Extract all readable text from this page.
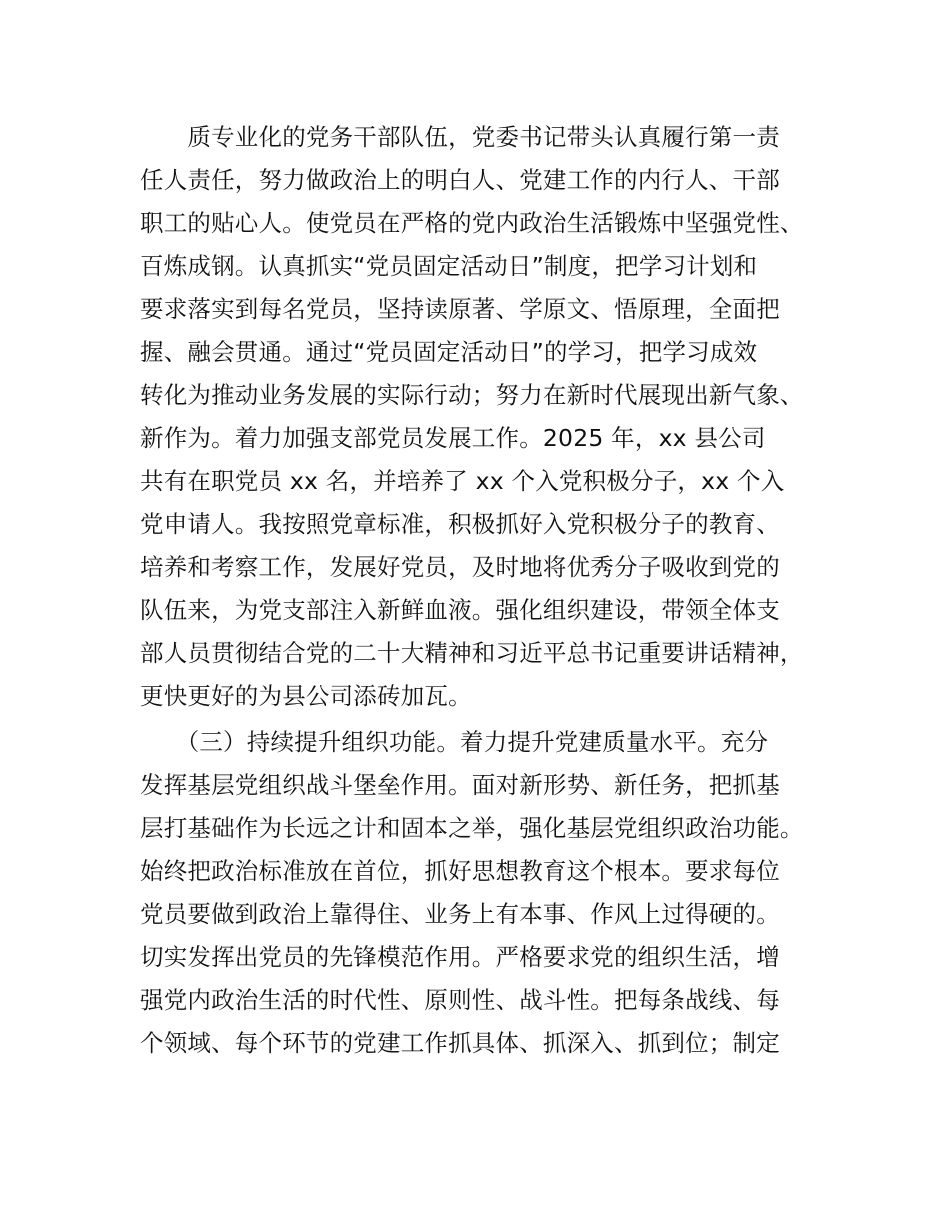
　　质专业化的党务干部队伍，党委书记带头认真履行第一责
任人责任，努力做政治上的明白人、党建工作的内行人、干部
职工的贴心人。使党员在严格的党内政治生活锻炼中坚强党性、
百炼成钢。认真抓实“党员固定活动日”制度，把学习计划和
要求落实到每名党员，坚持读原著、学原文、悟原理，全面把
握、融会贯通。通过“党员固定活动日”的学习，把学习成效
转化为推动业务发展的实际行动；努力在新时代展现出新气象、
新作为。着力加强支部党员发展工作。2025 年，xx 县公司
共有在职党员 xx 名，并培养了 xx 个入党积极分子，xx 个入
党申请人。我按照党章标准，积极抓好入党积极分子的教育、
培养和考察工作，发展好党员，及时地将优秀分子吸收到党的
队伍来，为党支部注入新鲜血液。强化组织建设，带领全体支
部人员贯彻结合党的二十大精神和习近平总书记重要讲话精神，
更快更好的为县公司添砖加瓦。
　　（三）持续提升组织功能。着力提升党建质量水平。充分
发挥基层党组织战斗堡垒作用。面对新形势、新任务，把抓基
层打基础作为长远之计和固本之举，强化基层党组织政治功能。
始终把政治标准放在首位，抓好思想教育这个根本。要求每位
党员要做到政治上靠得住、业务上有本事、作风上过得硬的。
切实发挥出党员的先锋模范作用。严格要求党的组织生活，增
强党内政治生活的时代性、原则性、战斗性。把每条战线、每
个领域、每个环节的党建工作抓具体、抓深入、抓到位；制定
